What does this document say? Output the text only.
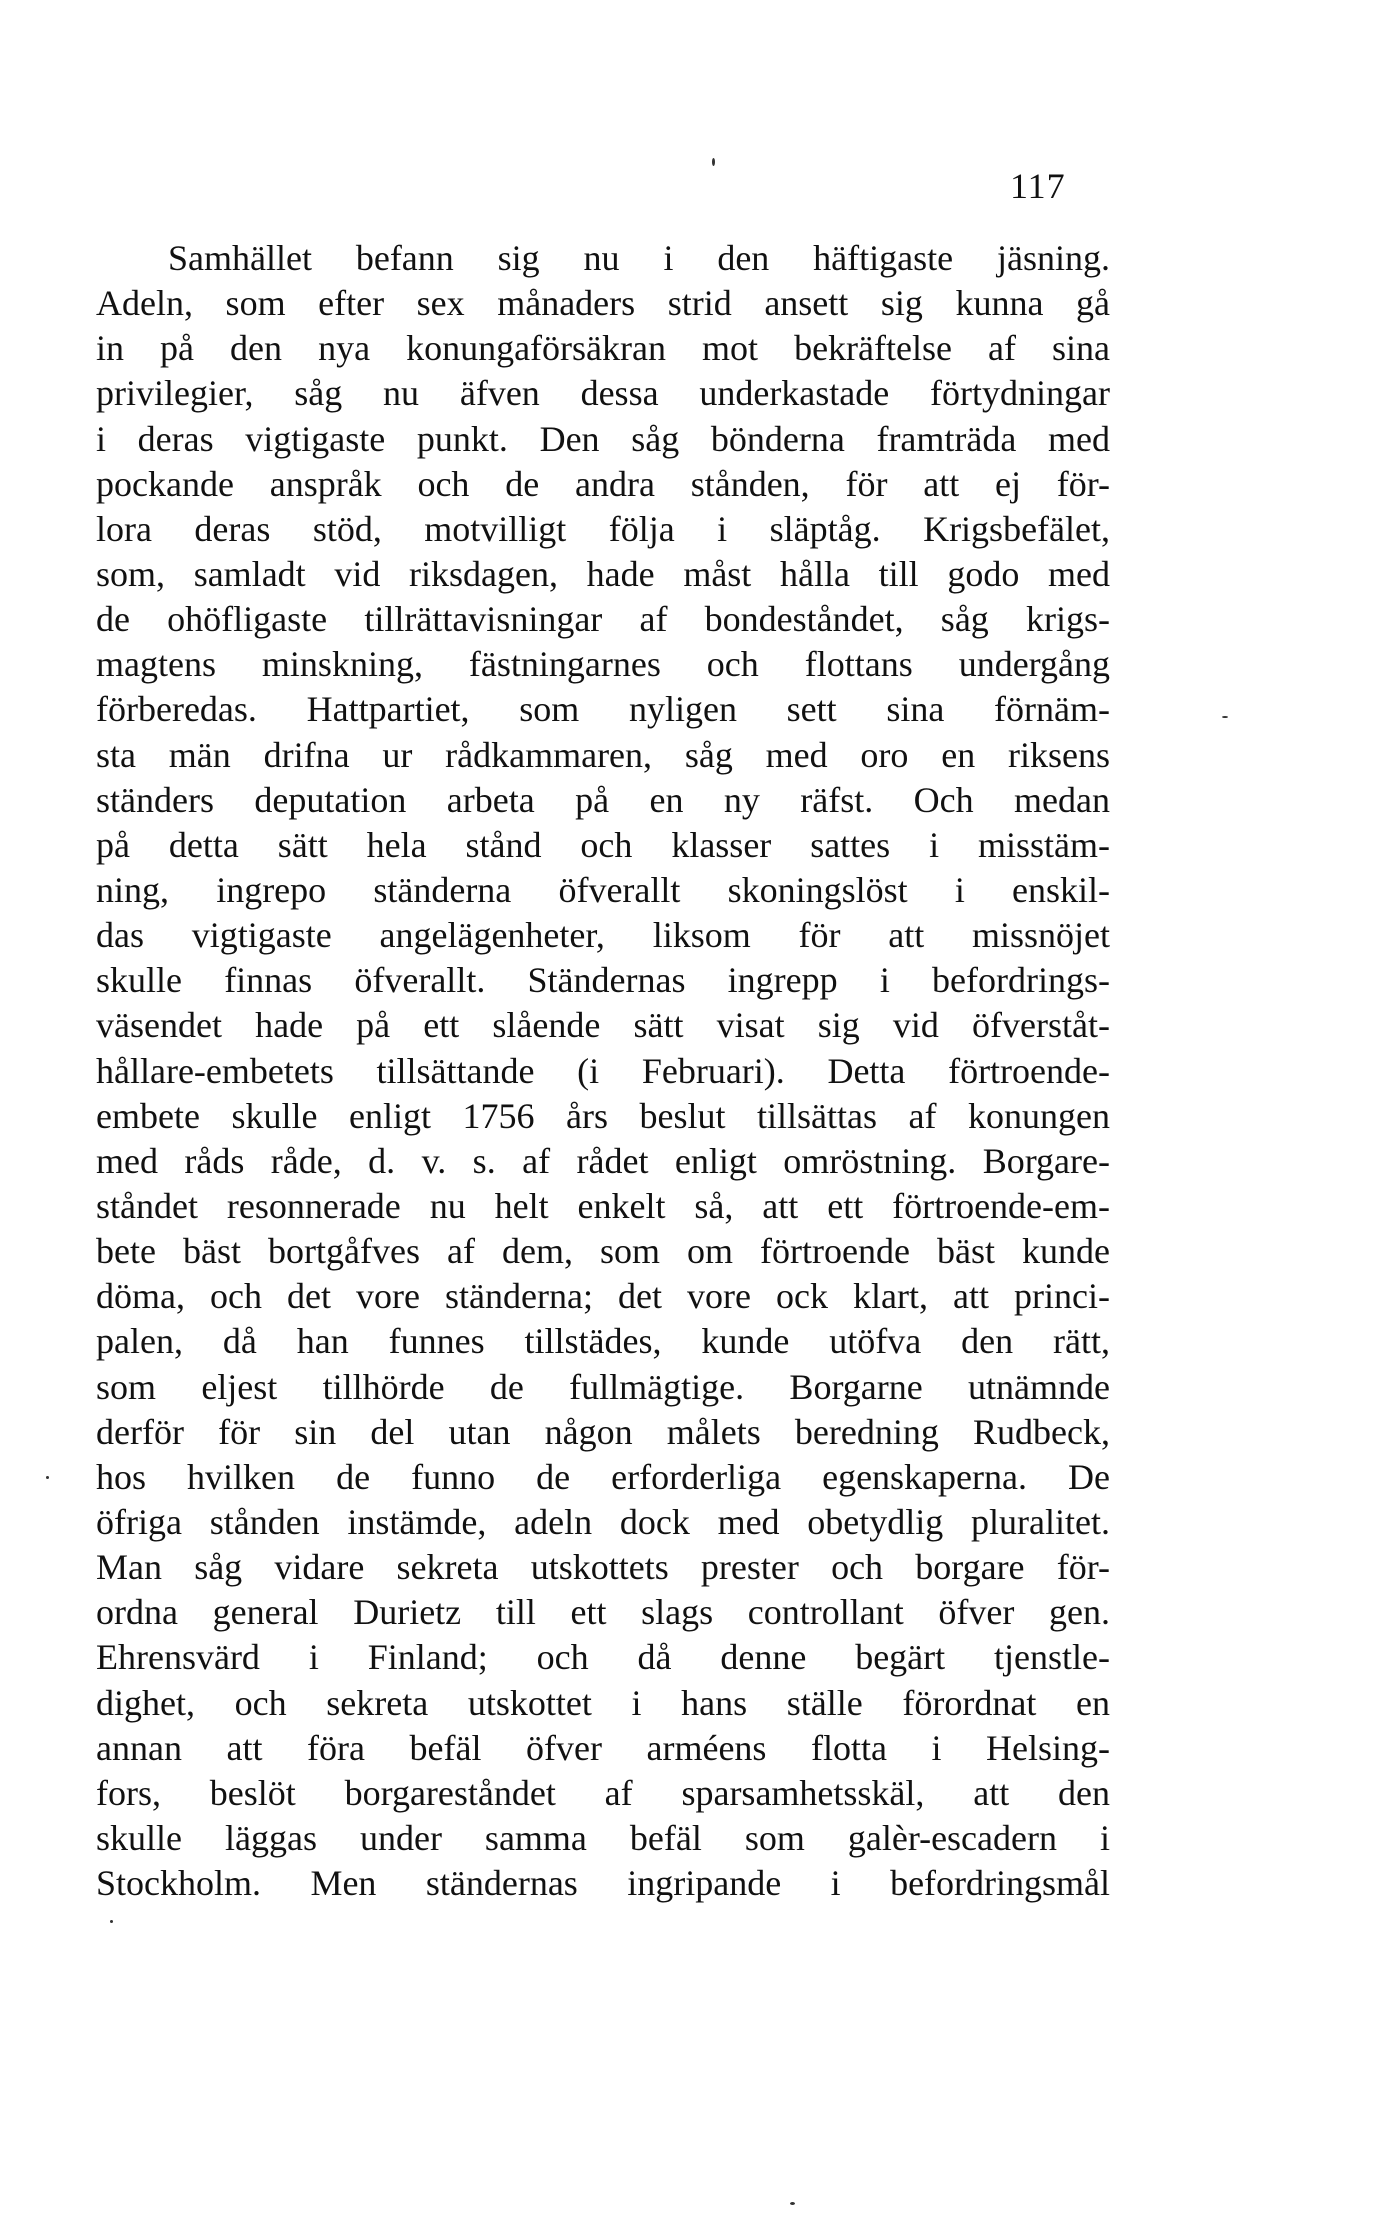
117
Samhället befann sig nu i den häftigaste jäsning.
Adeln, som efter sex månaders strid ansett sig kunna gå
in på den nya konungaförsäkran mot bekräftelse af sina
privilegier, såg nu äfven dessa underkastade förtydningar
i deras vigtigaste punkt. Den såg bönderna framträda med
pockande anspråk och de andra stånden, för att ej för-
lora deras stöd, motvilligt följa i släptåg. Krigsbefälet,
som, samladt vid riksdagen, hade måst hålla till godo med
de ohöfligaste tillrättavisningar af bondeståndet, såg krigs-
magtens minskning, fästningarnes och flottans undergång
förberedas. Hattpartiet, som nyligen sett sina förnäm-
sta män drifna ur rådkammaren, såg med oro en riksens
ständers deputation arbeta på en ny räfst. Och medan
på detta sätt hela stånd och klasser sattes i misstäm-
ning, ingrepo ständerna öfverallt skoningslöst i enskil-
das vigtigaste angelägenheter, liksom för att missnöjet
skulle finnas öfverallt. Ständernas ingrepp i befordrings-
väsendet hade på ett slående sätt visat sig vid öfverståt-
hållare-embetets tillsättande (i Februari). Detta förtroende-
embete skulle enligt 1756 års beslut tillsättas af konungen
med råds råde, d. v. s. af rådet enligt omröstning. Borgare-
ståndet resonnerade nu helt enkelt så, att ett förtroende-em-
bete bäst bortgåfves af dem, som om förtroende bäst kunde
döma, och det vore ständerna; det vore ock klart, att princi-
palen, då han funnes tillstädes, kunde utöfva den rätt,
som eljest tillhörde de fullmägtige. Borgarne utnämnde
derför för sin del utan någon målets beredning Rudbeck,
hos hvilken de funno de erforderliga egenskaperna. De
öfriga stånden instämde, adeln dock med obetydlig pluralitet.
Man såg vidare sekreta utskottets prester och borgare för-
ordna general Durietz till ett slags controllant öfver gen.
Ehrensvärd i Finland; och då denne begärt tjenstle-
dighet, och sekreta utskottet i hans ställe förordnat en
annan att föra befäl öfver arméens flotta i Helsing-
fors, beslöt borgareståndet af sparsamhetsskäl, att den
skulle läggas under samma befäl som galèr-escadern i
Stockholm. Men ständernas ingripande i befordringsmål
